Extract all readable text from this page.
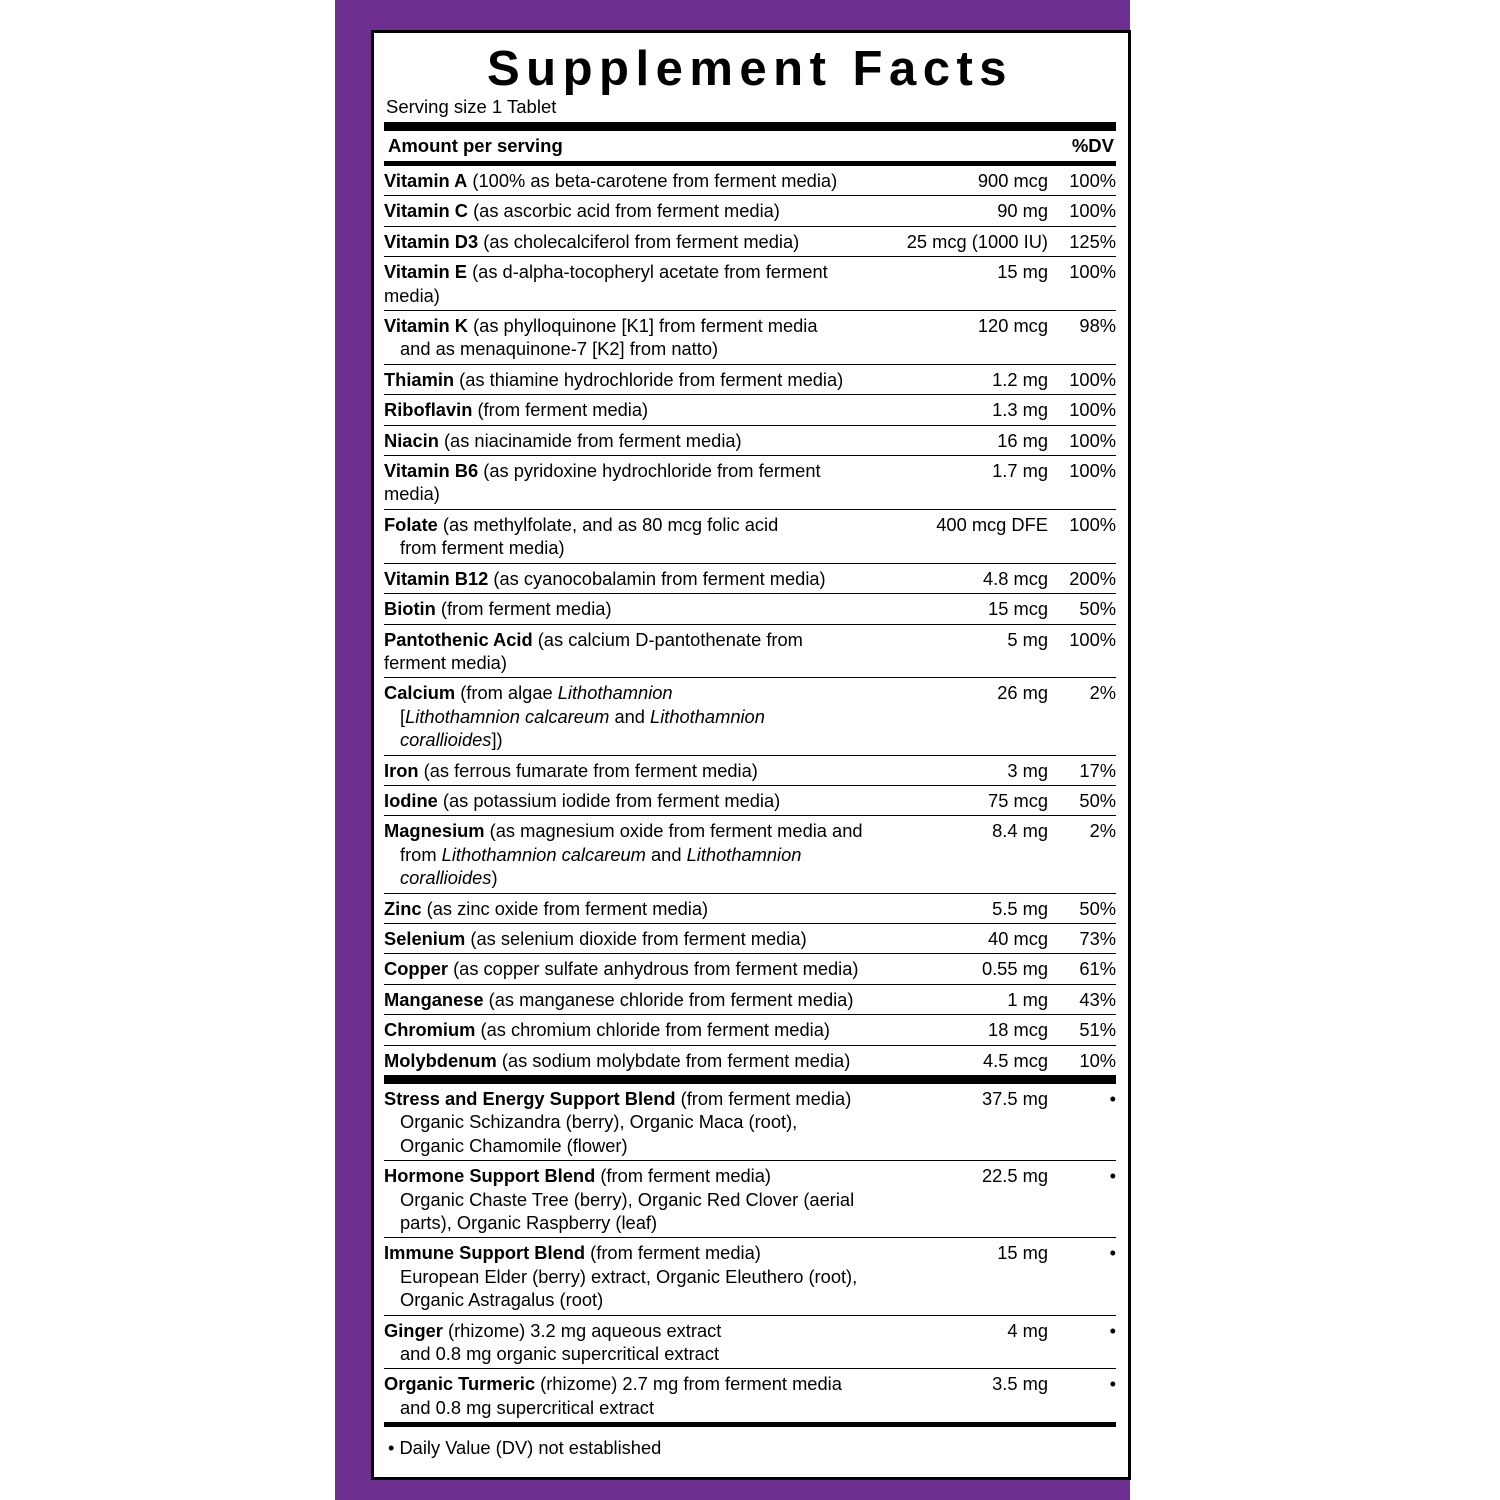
Supplement Facts
Serving size 1 Tablet
Amount per serving	%DV
Vitamin A (100% as beta-carotene from ferment media)	900 mcg	100%
Vitamin C (as ascorbic acid from ferment media)	90 mg	100%
Vitamin D3 (as cholecalciferol from ferment media)	25 mcg (1000 IU)	125%
Vitamin E (as d-alpha-tocopheryl acetate from ferment media)	15 mg	100%
Vitamin K (as phylloquinone [K1] from ferment media
and as menaquinone-7 [K2] from natto)	120 mcg	98%
Thiamin (as thiamine hydrochloride from ferment media)	1.2 mg	100%
Riboflavin (from ferment media)	1.3 mg	100%
Niacin (as niacinamide from ferment media)	16 mg	100%
Vitamin B6 (as pyridoxine hydrochloride from ferment media)	1.7 mg	100%
Folate (as methylfolate, and as 80 mcg folic acid
from ferment media)	400 mcg DFE	100%
Vitamin B12 (as cyanocobalamin from ferment media)	4.8 mcg	200%
Biotin (from ferment media)	15 mcg	50%
Pantothenic Acid (as calcium D-pantothenate from ferment media)	5 mg	100%
Calcium (from algae Lithothamnion
[Lithothamnion calcareum and Lithothamnion corallioides])	26 mg	2%
Iron (as ferrous fumarate from ferment media)	3 mg	17%
Iodine (as potassium iodide from ferment media)	75 mcg	50%
Magnesium (as magnesium oxide from ferment media and
from Lithothamnion calcareum and Lithothamnion corallioides)	8.4 mg	2%
Zinc (as zinc oxide from ferment media)	5.5 mg	50%
Selenium (as selenium dioxide from ferment media)	40 mcg	73%
Copper (as copper sulfate anhydrous from ferment media)	0.55 mg	61%
Manganese (as manganese chloride from ferment media)	1 mg	43%
Chromium (as chromium chloride from ferment media)	18 mcg	51%
Molybdenum (as sodium molybdate from ferment media)	4.5 mcg	10%
Stress and Energy Support Blend (from ferment media)
Organic Schizandra (berry), Organic Maca (root), Organic Chamomile (flower)	37.5 mg	•
Hormone Support Blend (from ferment media)
Organic Chaste Tree (berry), Organic Red Clover (aerial parts), Organic Raspberry (leaf)	22.5 mg	•
Immune Support Blend (from ferment media)
European Elder (berry) extract, Organic Eleuthero (root), Organic Astragalus (root)	15 mg	•
Ginger (rhizome) 3.2 mg aqueous extract
and 0.8 mg organic supercritical extract	4 mg	•
Organic Turmeric (rhizome) 2.7 mg from ferment media
and 0.8 mg supercritical extract	3.5 mg	•
• Daily Value (DV) not established
